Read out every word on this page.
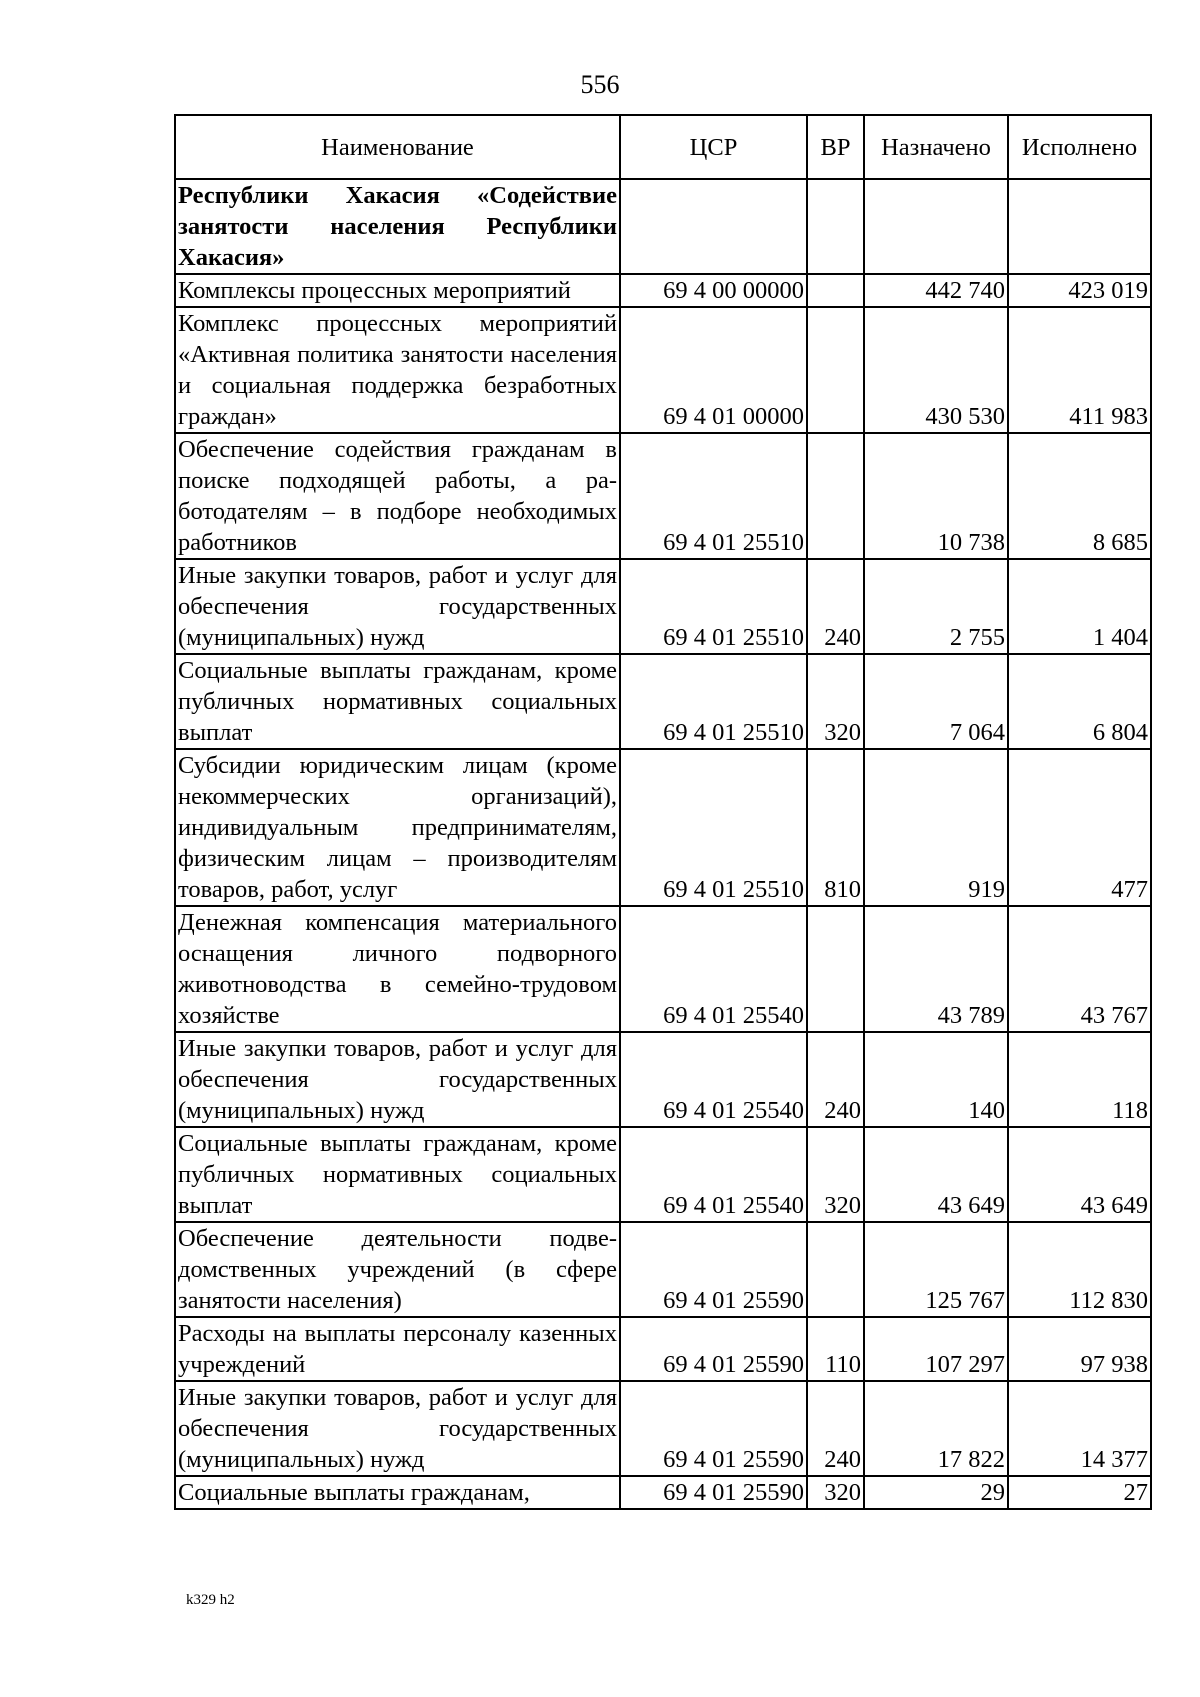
556
Наименование	ЦСР	ВР	Назначено	Исполнено
Республики Хакасия «Содействие занятости населения Республики Хакасия»				
Комплексы процессных мероприятий	69 4 00 00000		442 740	423 019
Комплекс процессных мероприятий «Активная политика занятости населения и социальная поддержка безработных граждан»	69 4 01 00000		430 530	411 983
Обеспечение содействия гражданам в поиске подходящей работы, а работодателям – в подборе необходимых работников	69 4 01 25510		10 738	8 685
Иные закупки товаров, работ и услуг для обеспечения государственных (муниципальных) нужд	69 4 01 25510	240	2 755	1 404
Социальные выплаты гражданам, кроме публичных нормативных социальных выплат	69 4 01 25510	320	7 064	6 804
Субсидии юридическим лицам (кроме некоммерческих организаций), индивидуальным предпринимателям, физическим лицам – производителям товаров, работ, услуг	69 4 01 25510	810	919	477
Денежная компенсация материального оснащения личного подворного животноводства в семейно-трудовом хозяйстве	69 4 01 25540		43 789	43 767
Иные закупки товаров, работ и услуг для обеспечения государственных (муниципальных) нужд	69 4 01 25540	240	140	118
Социальные выплаты гражданам, кроме публичных нормативных социальных выплат	69 4 01 25540	320	43 649	43 649
Обеспечение деятельности подведомственных учреждений (в сфере занятости населения)	69 4 01 25590		125 767	112 830
Расходы на выплаты персоналу казенных учреждений	69 4 01 25590	110	107 297	97 938
Иные закупки товаров, работ и услуг для обеспечения государственных (муниципальных) нужд	69 4 01 25590	240	17 822	14 377
Социальные выплаты гражданам,	69 4 01 25590	320	29	27
k329 h2
